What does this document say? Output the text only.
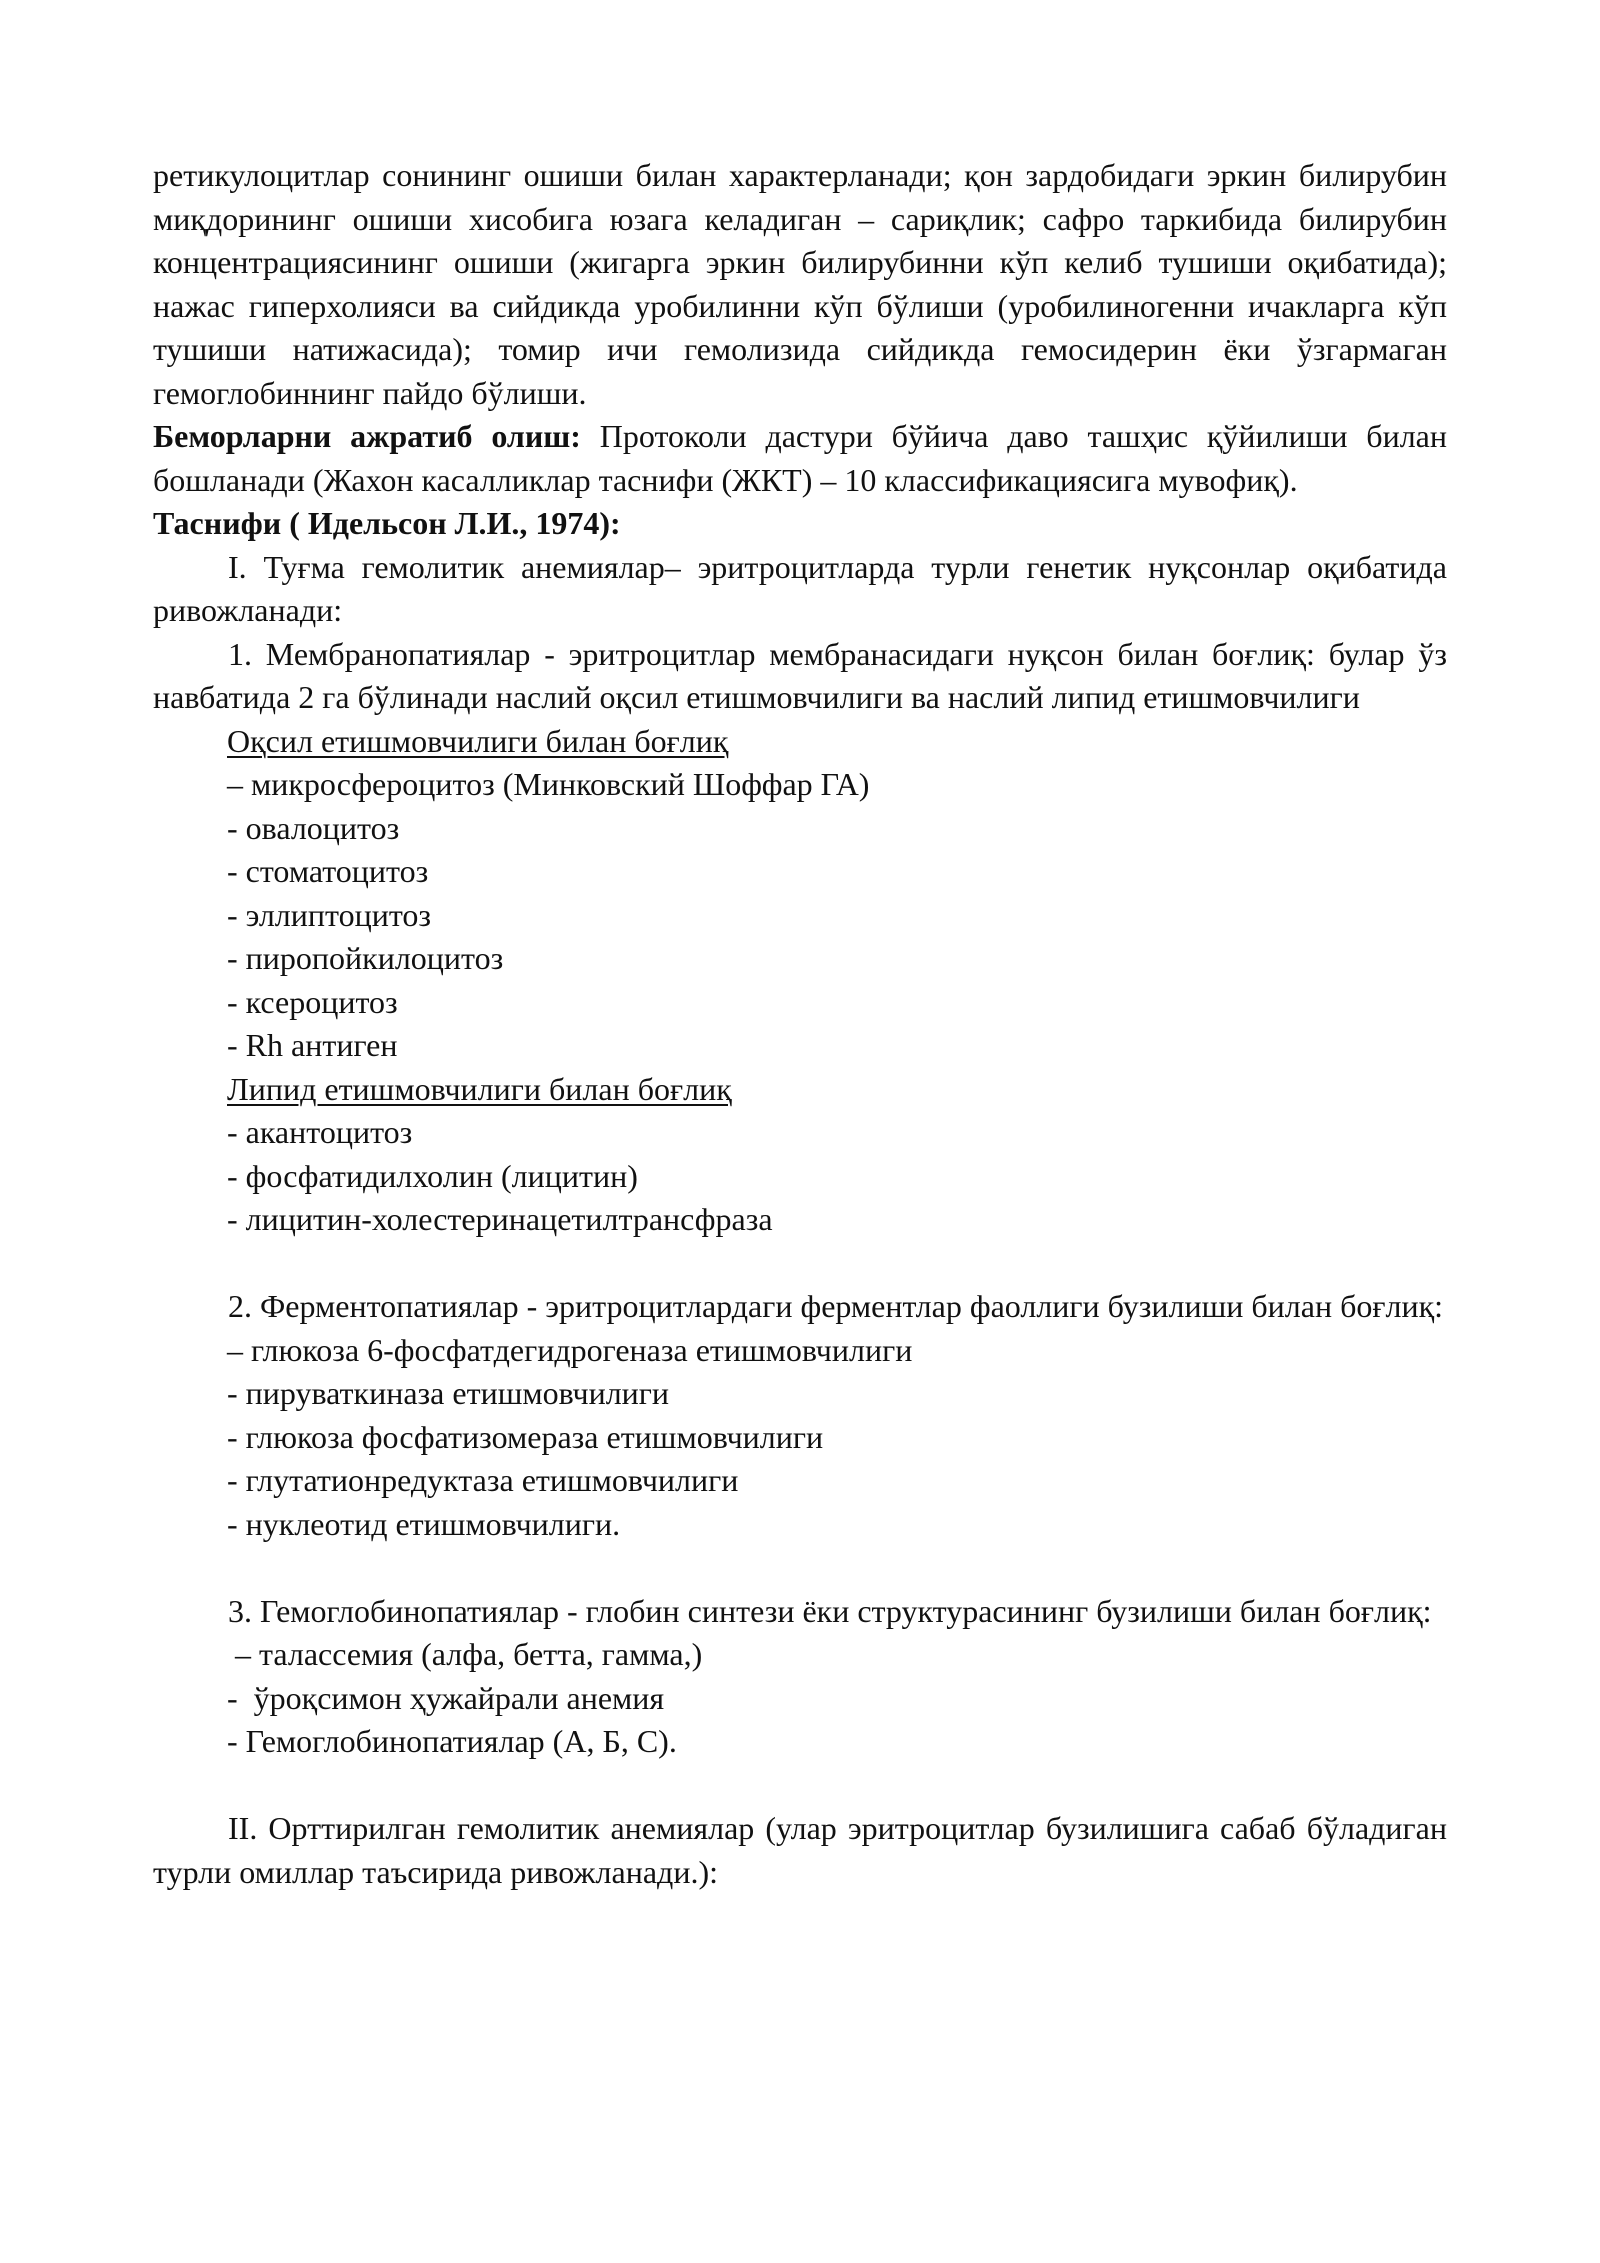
ретикулоцитлар сонининг ошиши билан характерланади; қон зардобидаги эркин билирубин миқдорининг ошиши хисобига юзага келадиган – сариқлик; сафро таркибида билирубин концентрациясининг ошиши (жигарга эркин билирубинни кўп келиб тушиши оқибатида); нажас гиперхолияси ва сийдикда уробилинни кўп бўлиши (уробилиногенни ичакларга кўп тушиши натижасида); томир ичи гемолизида сийдикда гемосидерин ёки ўзгармаган гемоглобиннинг пайдо бўлиши.

Беморларни ажратиб олиш: Протоколи дастури бўйича даво ташҳис қўйилиши билан бошланади (Жахон касалликлар таснифи (ЖКТ) – 10 классификациясига мувофиқ).

Таснифи ( Идельсон Л.И., 1974):

I. Туғма гемолитик анемиялар– эритроцитларда турли генетик нуқсонлар оқибатида ривожланади:

1. Мембранопатиялар - эритроцитлар мембранасидаги нуқсон билан боғлиқ: булар ўз навбатида 2 га бўлинади наслий оқсил етишмовчилиги ва наслий липид етишмовчилиги

Оқсил етишмовчилиги билан боғлиқ

– микросфероцитоз (Минковский Шоффар ГА)

- овалоцитоз

- стоматоцитоз

- эллиптоцитоз

- пиропойкилоцитоз

- ксероцитоз

- Rh антиген

Липид етишмовчилиги билан боғлиқ

- акантоцитоз

- фосфатидилхолин (лицитин)

- лицитин-холестеринацетилтрансфраза

2. Ферментопатиялар - эритроцитлардаги ферментлар фаоллиги бузилиши билан боғлиқ:

– глюкоза 6-фосфатдегидрогеназа етишмовчилиги

- пируваткиназа етишмовчилиги

- глюкоза фосфатизомераза етишмовчилиги

- глутатионредуктаза етишмовчилиги

- нуклеотид етишмовчилиги.

3. Гемоглобинопатиялар - глобин синтези ёки структурасининг бузилиши билан боғлиқ:

– талассемия (алфа, бетта, гамма,)

-  ўроқсимон ҳужайрали анемия

- Гемоглобинопатиялар (А, Б, С).

II. Орттирилган гемолитик анемиялар (улар эритроцитлар бузилишига сабаб бўладиган турли омиллар таъсирида ривожланади.):
